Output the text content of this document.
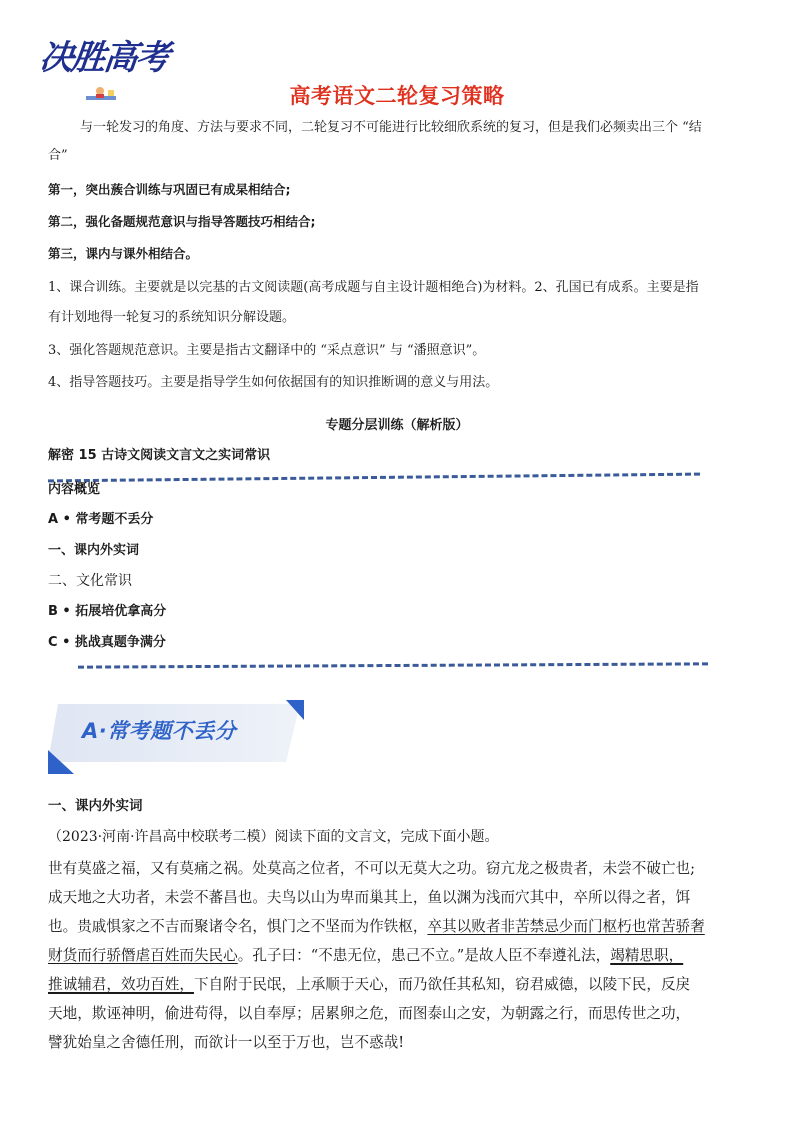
决胜高考
高考语文二轮复习策略
与一轮发习的角度、方法与要求不同，二轮复习不可能进行比较细欣系统的复习，但是我们必频卖出三个 “结
合”
第一，突出蔟合训练与巩固已有成杲相结合;
第二，强化备题规范意识与指导答题技巧相结合;
第三，课内与课外相结合。
1、课合训练。主要就是以完基的古文阅读题(高考成题与自主设计题相绝合)为材料。2、孔国已有成系。主要是指
有计划地得一轮复习的系统知识分解设题。
3、强化答题规范意识。主要是指古文翻译中的 “采点意识” 与 “潘照意识”。
4、指导答题技巧。主要是指导学生如何依据国有的知识推断调的意义与用法。
专题分层训练（解析版）
解密 15 古诗文阅读文言文之实词常识
内容概览
A • 常考题不丢分
一、课内外实词
二、文化常识
B • 拓展培优拿高分
C • 挑战真题争满分
A·常考题不丢分
一、课内外实词
（2023·河南·许昌高中校联考二模）阅读下面的文言文，完成下面小题。
世有莫盛之福，又有莫痛之祸。处莫高之位者，不可以无莫大之功。窃亢龙之极贵者，未尝不破亡也;
成天地之大功者，未尝不蕃昌也。夫鸟以山为卑而巢其上，鱼以渊为浅而穴其中，卒所以得之者，饵
也。贵戚惧家之不吉而聚诸令名，惧门之不坚而为作铁枢，卒其以败者非苦禁忌少而门枢朽也常苦骄奢
财货而行骄僭虐百姓而失民心。孔子曰：“不患无位，患己不立。”是故人臣不奉遵礼法，竭精思职，
推诚辅君，效功百姓，下自附于民氓，上承顺于天心，而乃欲任其私知，窃君威德，以陵下民，反戾
天地，欺诬神明，偷进苟得，以自奉厚；居累卵之危，而图泰山之安，为朝露之行，而思传世之功，
譬犹始皇之舍德任刑，而欲计一以至于万也，岂不惑哉!
